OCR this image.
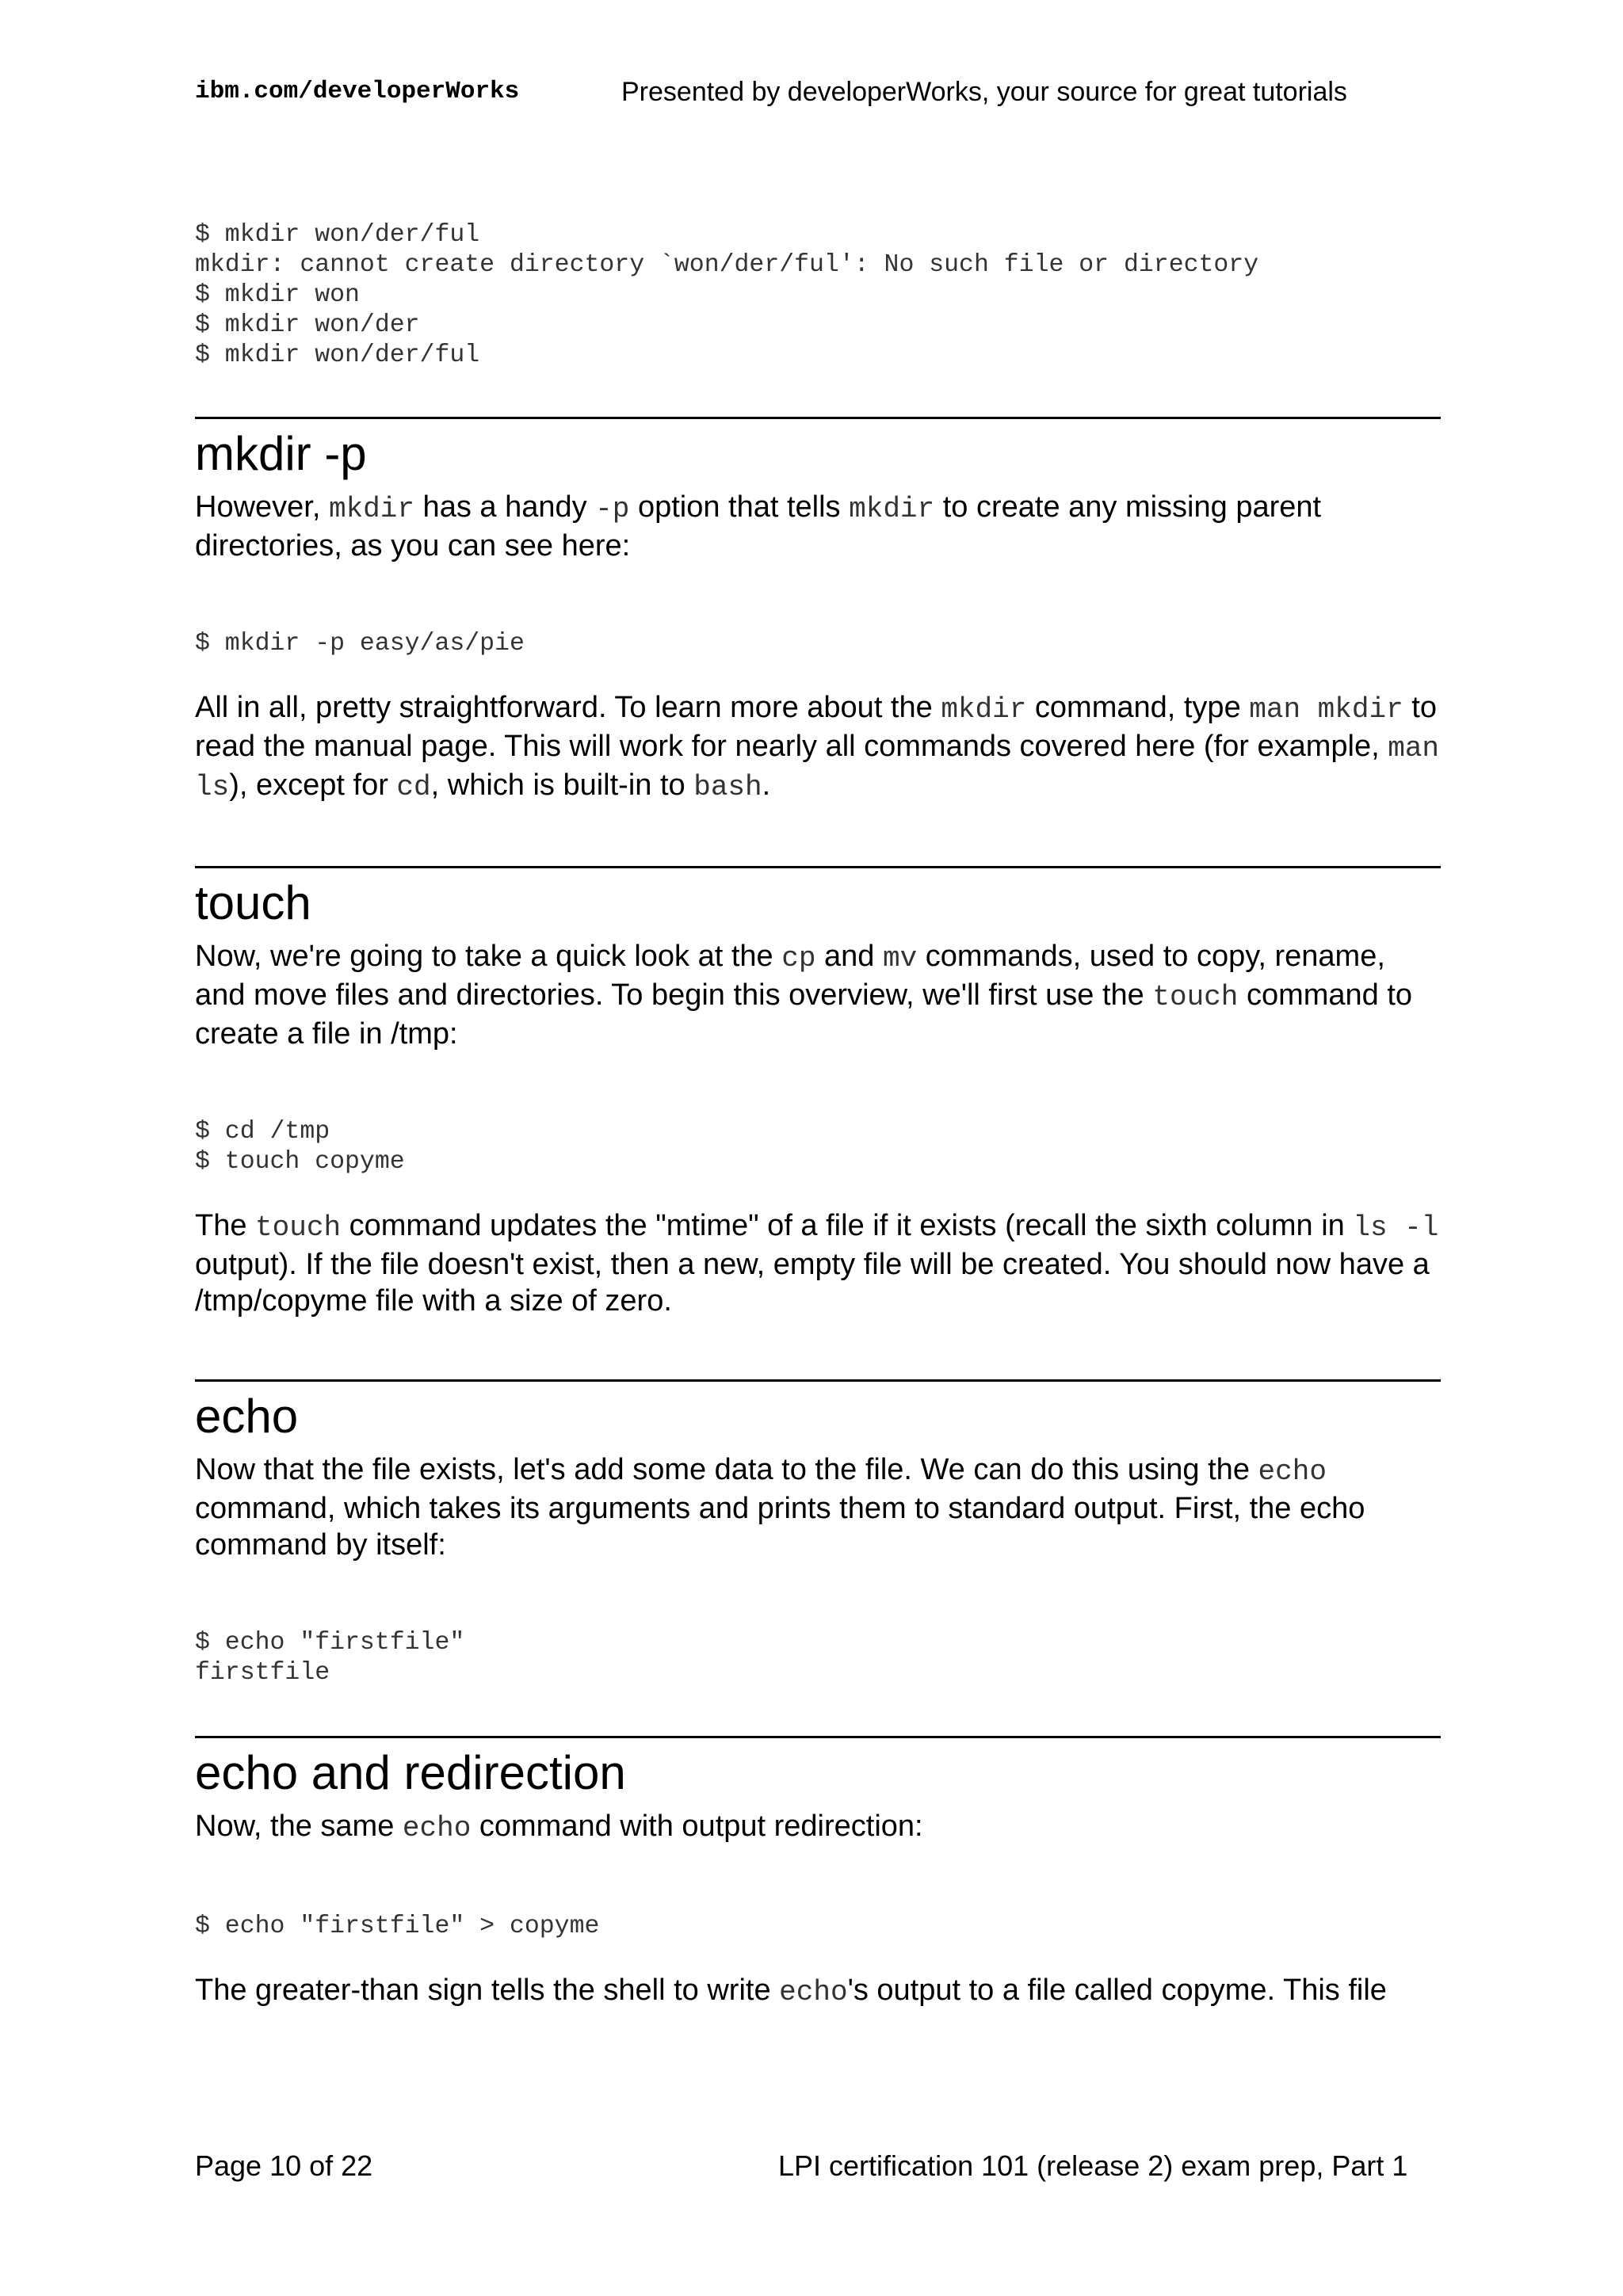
ibm.com/developerWorks	Presented by developerWorks, your source for great tutorials
$ mkdir won/der/ful
mkdir: cannot create directory `won/der/ful': No such file or directory
$ mkdir won
$ mkdir won/der
$ mkdir won/der/ful
mkdir -p

However, mkdir has a handy -p option that tells mkdir to create any missing parent directories, as you can see here:

$ mkdir -p easy/as/pie

All in all, pretty straightforward. To learn more about the mkdir command, type man mkdir to read the manual page. This will work for nearly all commands covered here (for example, man ls), except for cd, which is built-in to bash.

touch

Now, we're going to take a quick look at the cp and mv commands, used to copy, rename, and move files and directories. To begin this overview, we'll first use the touch command to create a file in /tmp:

$ cd /tmp
$ touch copyme

The touch command updates the "mtime" of a file if it exists (recall the sixth column in ls -l output). If the file doesn't exist, then a new, empty file will be created. You should now have a /tmp/copyme file with a size of zero.

echo

Now that the file exists, let's add some data to the file. We can do this using the echo command, which takes its arguments and prints them to standard output. First, the echo command by itself:

$ echo "firstfile"
firstfile
echo and redirection

Now, the same echo command with output redirection:

$ echo "firstfile" > copyme

The greater-than sign tells the shell to write echo's output to a file called copyme. This file

Page 10 of 22	LPI certification 101 (release 2) exam prep, Part 1
